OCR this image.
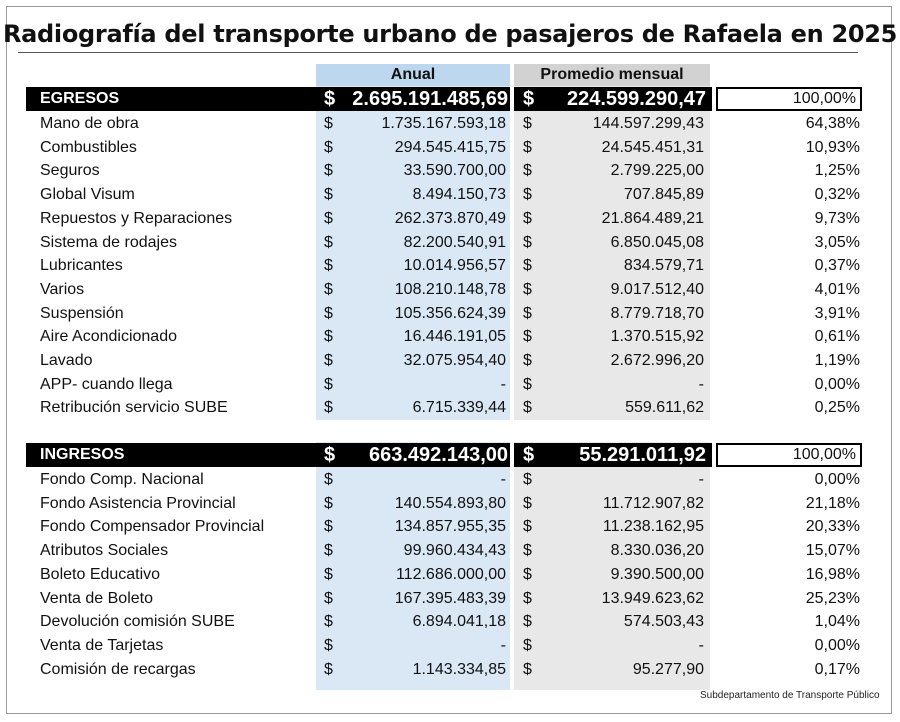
Radiografía del transporte urbano de pasajeros de Rafaela en 2025
Anual	Promedio mensual
EGRESOS	$ 2.695.191.485,69 $	224.599.290,47	100,00%
Mano de obra	$	1.735.167.593,18 $	144.597.299,43	64,38%
Combustibles	$	294.545.415,75 $	24.545.451,31	10,93%
Seguros	$	33.590.700,00 $	2.799.225,00	1,25%
Global Visum	$	8.494.150,73 $	707.845,89	0,32%
Repuestos y Reparaciones	$	262.373.870,49 $	21.864.489,21	9,73%
Sistema de rodajes	$	82.200.540,91 $	6.850.045,08	3,05%
Lubricantes	$	10.014.956,57 $	834.579,71	0,37%
Varios	$	108.210.148,78 $	9.017.512,40	4,01%
Suspensión	$	105.356.624,39 $	8.779.718,70	3,91%
Aire Acondicionado	$	16.446.191,05 $	1.370.515,92	0,61%
Lavado	$	32.075.954,40 $	2.672.996,20	1,19%
APP- cuando llega	$	- $	-	0,00%
Retribución servicio SUBE	$	6.715.339,44 $	559.611,62	0,25%
INGRESOS	$	663.492.143,00 $	55.291.011,92	100,00%
Fondo Comp. Nacional	$	- $	-	0,00%
Fondo Asistencia Provincial	$	140.554.893,80 $	11.712.907,82	21,18%
Fondo Compensador Provincial	$	134.857.955,35 $	11.238.162,95	20,33%
Atributos Sociales	$	99.960.434,43 $	8.330.036,20	15,07%
Boleto Educativo	$	112.686.000,00 $	9.390.500,00	16,98%
Venta de Boleto	$	167.395.483,39 $	13.949.623,62	25,23%
Devolución comisión SUBE	$	6.894.041,18 $	574.503,43	1,04%
Venta de Tarjetas	$	- $	-	0,00%
Comisión de recargas	$	1.143.334,85 $	95.277,90	0,17%
Subdepartamento de Transporte Público
